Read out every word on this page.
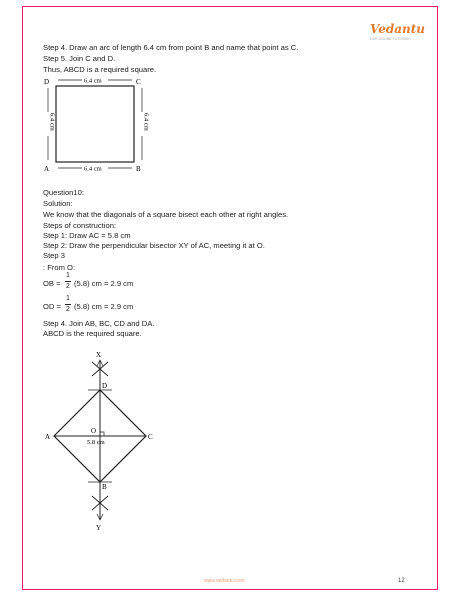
Vedantu
LIVE ONLINE TUTORING
Step 4. Draw an arc of length 6.4 cm from point B and name that point as C.
Step 5. Join C and D.
Thus, ABCD is a required square.
D	C
A	B
6.4 cm
6.4 cm	6.4 cm
6.4 cm
Question10:
Solution:
We know that the diagonals of a square bisect each other at right angles.
Steps of construction:
Step 1: Draw AC = 5.8 cm
Step 2: Draw the perpendicular bisector XY of AC, meeting it at O.
Step 3
: From O:
OB =
1
2 (5.8) cm = 2.9 cm
OD =
1
2 (5.8) cm = 2.9 cm
Step 4. Join AB, BC, CD and DA.
ABCD is the required square.
X
Y
D
B
A	C
O
5.8 cm
www.vedantu.com	12
